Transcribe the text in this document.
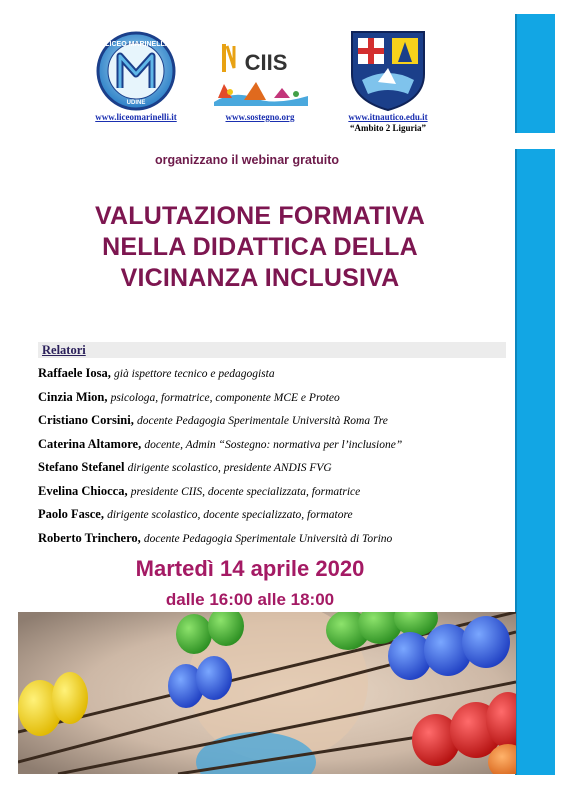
LICEO MARINELLI
UDINE
www.liceomarinelli.it
CIIS
www.sostegno.org	www.itnautico.edu.it
“Ambito 2 Liguria”
organizzano il webinar gratuito
VALUTAZIONE FORMATIVA
NELLA DIDATTICA DELLA
VICINANZA INCLUSIVA
Relatori
Raffaele Iosa, già ispettore tecnico e pedagogista
Cinzia Mion, psicologa, formatrice, componente MCE e Proteo
Cristiano Corsini, docente Pedagogia Sperimentale Università Roma Tre
Caterina Altamore, docente, Admin “Sostegno: normativa per l’inclusione”
Stefano Stefanel dirigente scolastico, presidente ANDIS FVG
Evelina Chiocca, presidente CIIS, docente specializzata, formatrice
Paolo Fasce, dirigente scolastico, docente specializzato, formatore
Roberto Trinchero, docente Pedagogia Sperimentale Università di Torino
Martedì 14 aprile 2020
dalle 16:00 alle 18:00
